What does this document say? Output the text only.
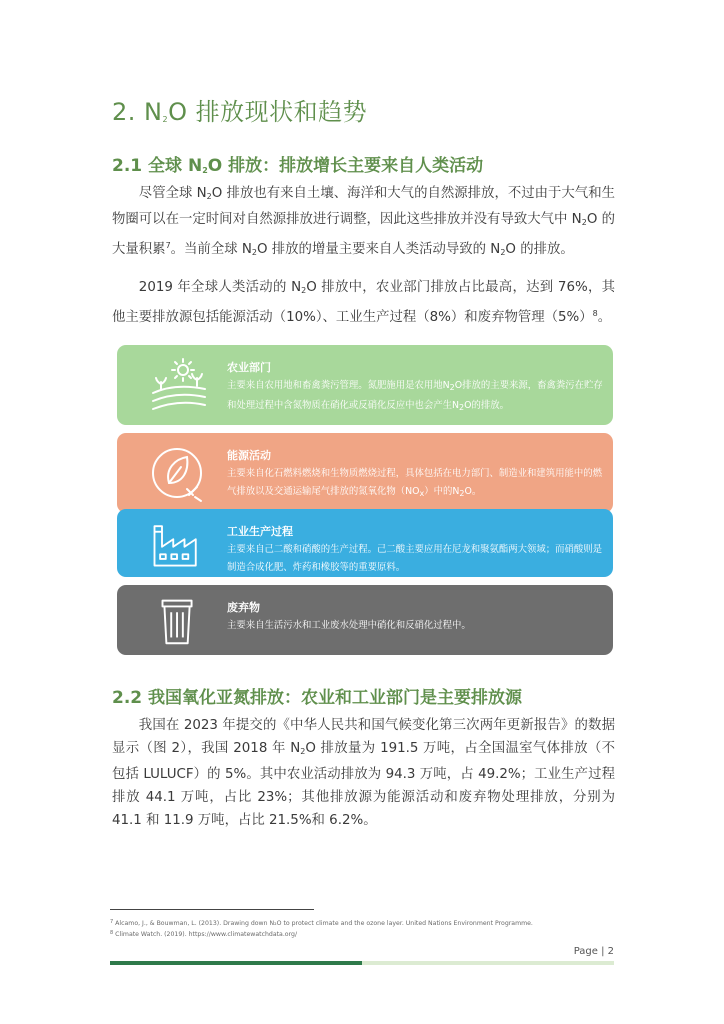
2. $N_2O$ 排放现状和趋势
2.1 全球 $N_2O$ 排放：排放增长主要来自人类活动

尽管全球 $N_2O$ 排放也有来自土壤、海洋和大气的自然源排放，不过由于大气和生物圈可以在一定时间对自然源排放进行调整，因此这些排放并没有导致大气中 $N_2O$ 的大量积累$^7$。当前全球 $N_2O$ 排放的增量主要来自人类活动导致的 $N_2O$ 的排放。

2019 年全球人类活动的 $N_2O$ 排放中，农业部门排放占比最高，达到 76%，其他主要排放源包括能源活动（10%）、工业生产过程（8%）和废弃物管理$(5\%)^8$。

农业部门
主要来自农用地和畜禽粪污管理。氮肥施用是农用地$N_2O$排放的主要来源，畜禽粪污在贮存和处理过程中含氮物质在硝化或反硝化反应中也会产生$N_2O$的排放。
能源活动
主要来自化石燃料燃烧和生物质燃烧过程，具体包括在电力部门、制造业和建筑用能中的燃气排放以及交通运输尾气排放的氮氧化物$(NO_x)$中的$N_2O$。
工业生产过程
主要来自己二酸和硝酸的生产过程。己二酸主要应用在尼龙和聚氨酯两大领域；而硝酸则是制造合成化肥、炸药和橡胶等的重要原料。
废弃物
主要来自生活污水和工业废水处理中硝化和反硝化过程中。
2.2 我国氧化亚氮排放：农业和工业部门是主要排放源

我国在 2023 年提交的《中华人民共和国气候变化第三次两年更新报告》的数据显示（图 2），我国 2018 年 $N_2O$ 排放量为 191.5 万吨，占全国温室气体排放（不包括 LULUCF）的 5%。其中农业活动排放为 94.3 万吨，占 49.2%；工业生产过程排放 44.1 万吨，占比 23%；其他排放源为能源活动和废弃物处理排放，分别为 41.1 和 11.9 万吨，占比 21.5%和 6.2%。

$^7$ Alcamo, J., & Bouwman, L. (2013). Drawing down N₂O to protect climate and the ozone layer. United Nations Environment Programme.
$^8$ Climate Watch. (2019). https://www.climatewatchdata.org/
Page | 2
